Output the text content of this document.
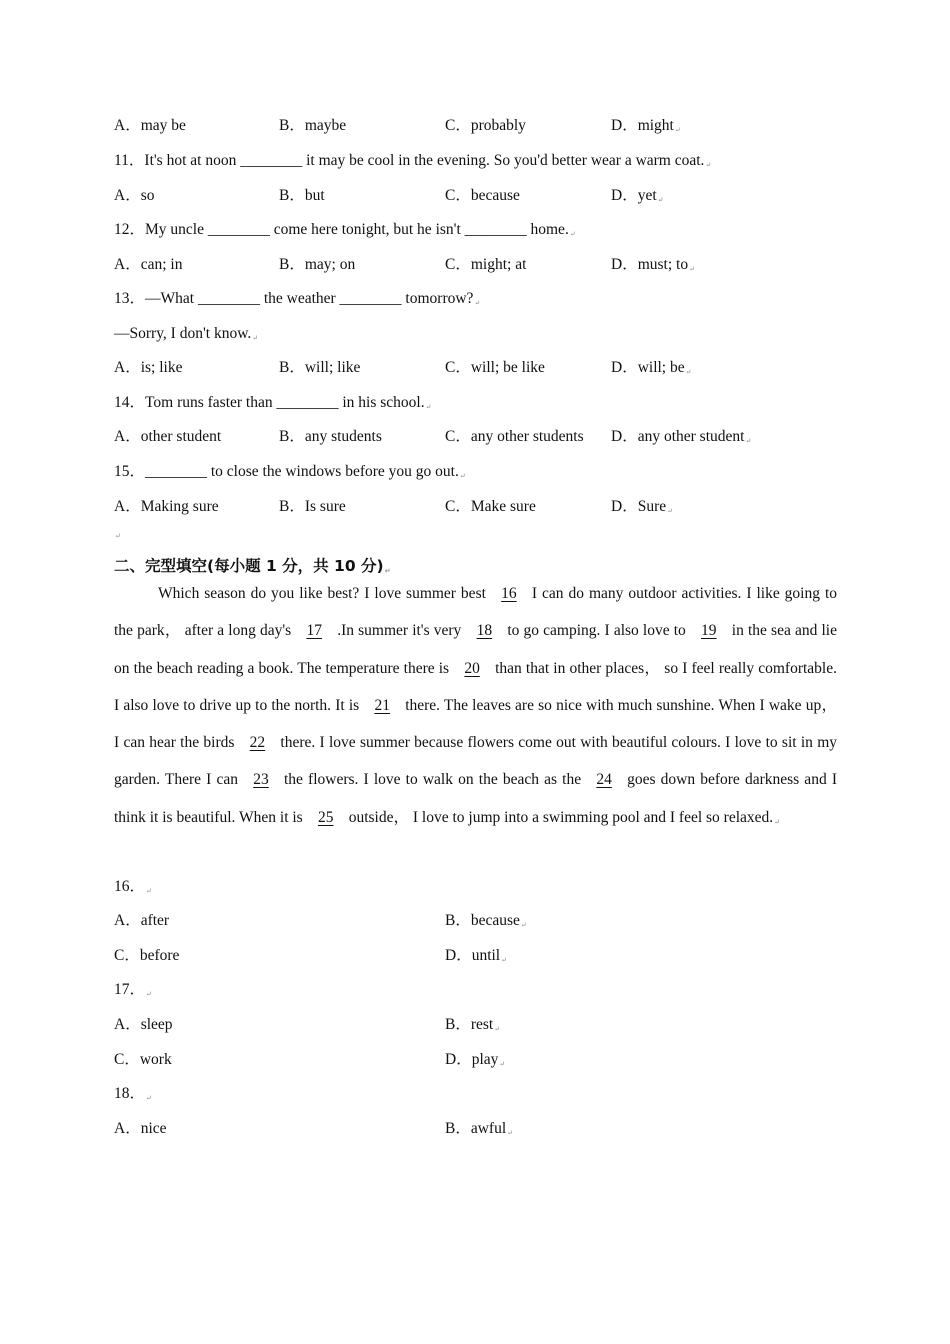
A．may be	B．maybe	C．probably	D．might↵
11．It's hot at noon ________ it may be cool in the evening. So you'd better wear a warm coat.↵
A．so	B．but	C．because	D．yet↵
12．My uncle ________ come here tonight, but he isn't ________ home.↵
A．can; in	B．may; on	C．might; at	D．must; to↵
13．—What ________ the weather ________ tomorrow?↵
—Sorry, I don't know.↵
A．is; like	B．will; like	C．will; be like	D．will; be↵
14．Tom runs faster than ________ in his school.↵
A．other student	B．any students	C．any other students D．any other student↵
15．________ to close the windows before you go out.↵
A．Making sure	B．Is sure	C．Make sure	D．Sure↵
↵
二、完型填空(每小题 1 分，共 10 分)↵
Which season do you like best? I love summer best 16 I can do many outdoor activities. I like going to the park， after a long day's 17 .In summer it's very 18 to go camping. I also love to 19 in the sea and lie on the beach reading a book. The temperature there is 20 than that in other places， so I feel really comfortable. I also love to drive up to the north. It is 21 there. The leaves are so nice with much sunshine. When I wake up， I can hear the birds 22 there. I love summer because flowers come out with beautiful colours. I love to sit in my garden. There I can 23 the flowers. I love to walk on the beach as the 24 goes down before darkness and I think it is beautiful. When it is 25 outside， I love to jump into a swimming pool and I feel so relaxed.↵
16．↵
A．after	B．because↵
C．before	D．until↵
17．↵
A．sleep	B．rest↵
C．work	D．play↵
18．↵
A．nice	B．awful↵
